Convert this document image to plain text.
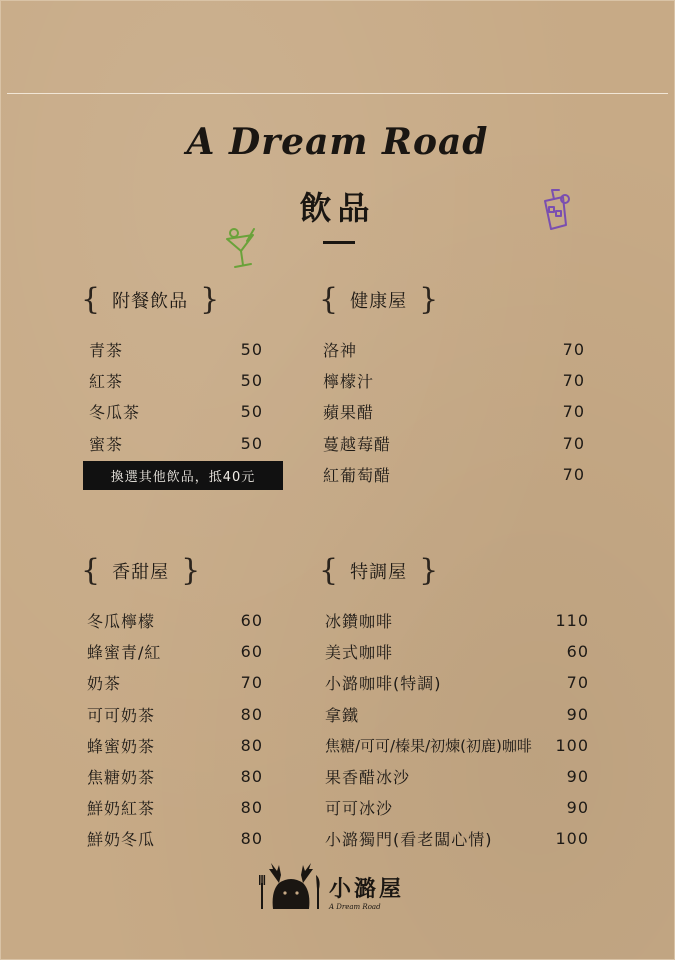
A Dream Road
飲品
{ 附餐飲品 }
青茶	50
紅茶	50
冬瓜茶	50
蜜茶	50
換選其他飲品，抵40元
{ 健康屋 }
洛神	70
檸檬汁	70
蘋果醋	70
蔓越莓醋	70
紅葡萄醋	70
{ 香甜屋 }
冬瓜檸檬	60
蜂蜜青/紅	60
奶茶	70
可可奶茶	80
蜂蜜奶茶	80
焦糖奶茶	80
鮮奶紅茶	80
鮮奶冬瓜	80
{ 特調屋 }
冰鑽咖啡	110
美式咖啡	60
小潞咖啡(特調)	70
拿鐵	90
焦糖/可可/榛果/初煉(初鹿)咖啡 100
果香醋冰沙	90
可可冰沙	90
小潞獨門(看老闆心情)	100
小潞屋
A Dream Road
